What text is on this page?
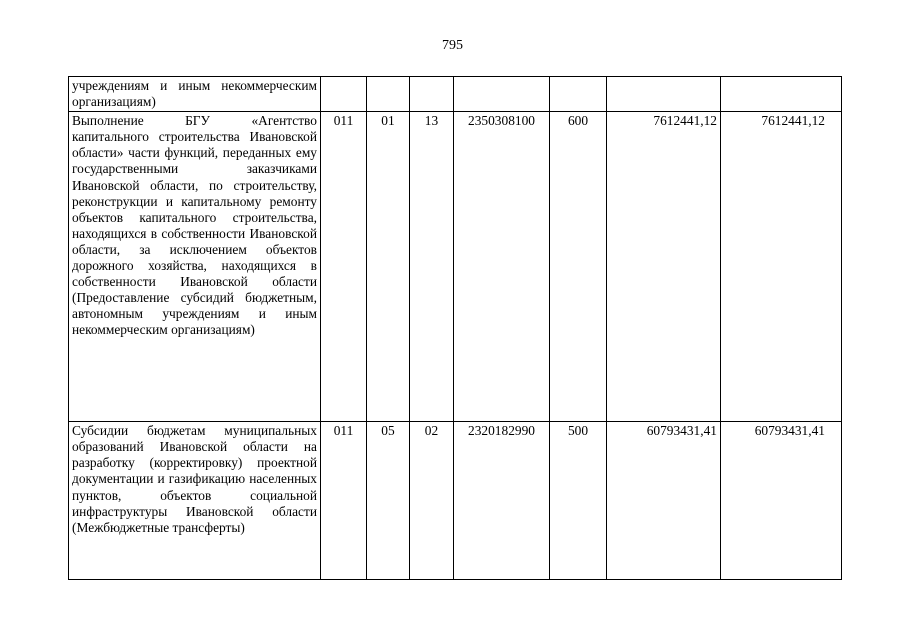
795
учреждениям и иным некоммерческим организациям)							
Выполнение БГУ «Агентство капитального строительства Ивановской области» части функций, переданных ему государственными заказчиками Ивановской области, по строительству, реконструкции и капитальному ремонту объектов капитального строительства, находящихся в собственности Ивановской области, за исключением объектов дорожного хозяйства, находящихся в собственности Ивановской области (Предоставление субсидий бюджетным, автономным учреждениям и иным некоммерческим организациям)	011	01	13	2350308100	600	7612441,12	7612441,12
Субсидии бюджетам муниципальных образований Ивановской области на разработку (корректировку) проектной документации и газификацию населенных пунктов, объектов социальной инфраструктуры Ивановской области (Межбюджетные трансферты)	011	05	02	2320182990	500	60793431,41	60793431,41
